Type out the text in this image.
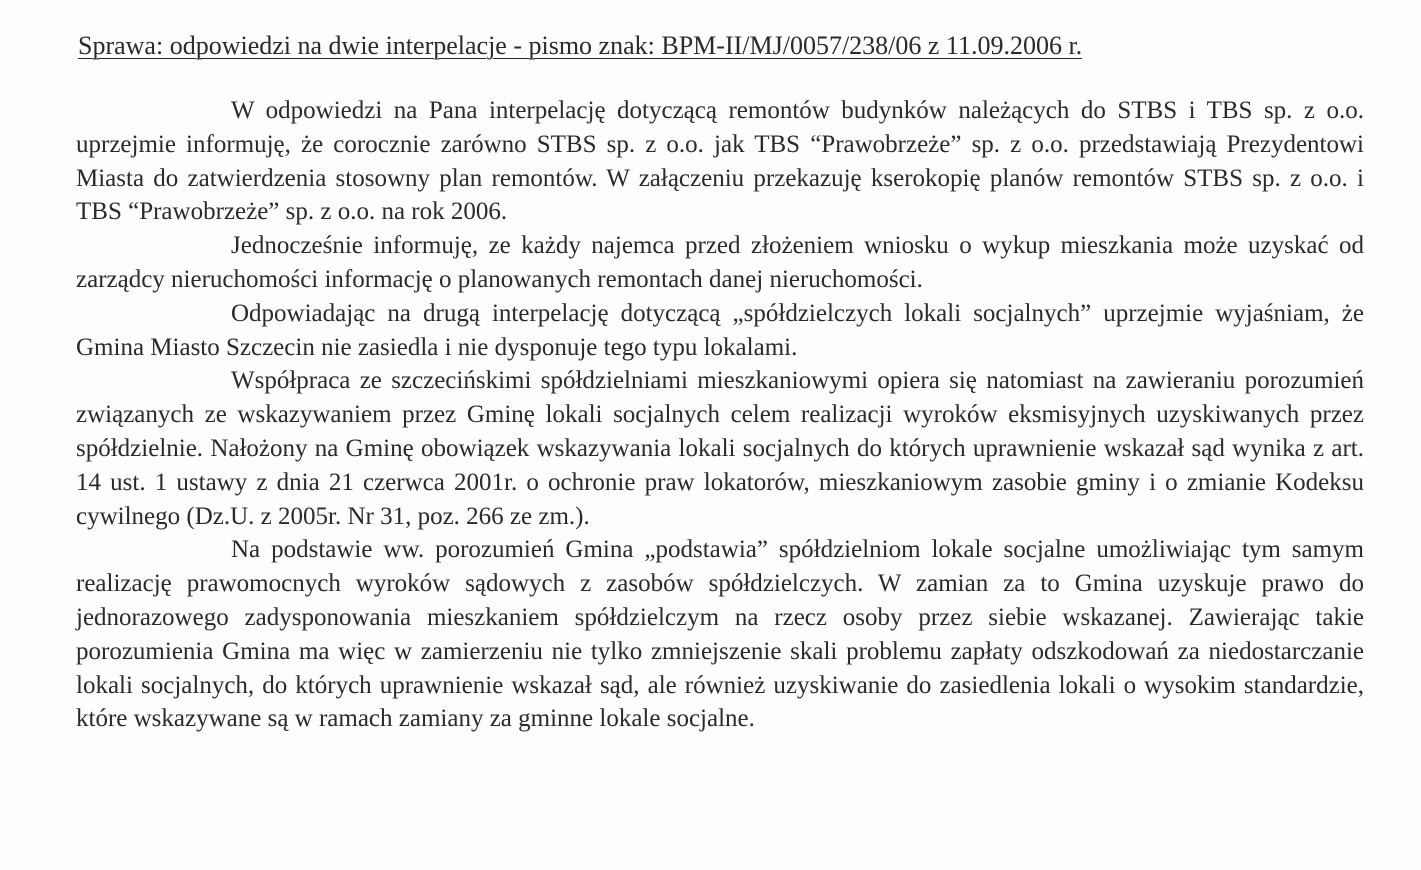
Sprawa: odpowiedzi na dwie interpelacje - pismo znak: BPM-II/MJ/0057/238/06 z 11.09.2006 r.

W odpowiedzi na Pana interpelację dotyczącą remontów budynków należących do STBS i TBS sp. z o.o. uprzejmie informuję, że corocznie zarówno STBS sp. z o.o. jak TBS “Prawobrzeże” sp. z o.o. przedstawiają Prezydentowi Miasta do zatwierdzenia stosowny plan remontów. W załączeniu przekazuję kserokopię planów remontów STBS sp. z o.o. i TBS “Prawobrzeże” sp. z o.o. na rok 2006.

Jednocześnie informuję, ze każdy najemca przed złożeniem wniosku o wykup mieszkania może uzyskać od zarządcy nieruchomości informację o planowanych remontach danej nieruchomości.

Odpowiadając na drugą interpelację dotyczącą „spółdzielczych lokali socjalnych” uprzejmie wyjaśniam, że Gmina Miasto Szczecin nie zasiedla i nie dysponuje tego typu lokalami.

Współpraca ze szczecińskimi spółdzielniami mieszkaniowymi opiera się natomiast na zawieraniu porozumień związanych ze wskazywaniem przez Gminę lokali socjalnych celem realizacji wyroków eksmisyjnych uzyskiwanych przez spółdzielnie. Nałożony na Gminę obowiązek wskazywania lokali socjalnych do których uprawnienie wskazał sąd wynika z art. 14 ust. 1 ustawy z dnia 21 czerwca 2001r. o ochronie praw lokatorów, mieszkaniowym zasobie gminy i o zmianie Kodeksu cywilnego (Dz.U. z 2005r. Nr 31, poz. 266 ze zm.).

Na podstawie ww. porozumień Gmina „podstawia” spółdzielniom lokale socjalne umożliwiając tym samym realizację prawomocnych wyroków sądowych z zasobów spółdzielczych. W zamian za to Gmina uzyskuje prawo do jednorazowego zadysponowania mieszkaniem spółdzielczym na rzecz osoby przez siebie wskazanej. Zawierając takie porozumienia Gmina ma więc w zamierzeniu nie tylko zmniejszenie skali problemu zapłaty odszkodowań za niedostarczanie lokali socjalnych, do których uprawnienie wskazał sąd, ale również uzyskiwanie do zasiedlenia lokali o wysokim standardzie, które wskazywane są w ramach zamiany za gminne lokale socjalne.
